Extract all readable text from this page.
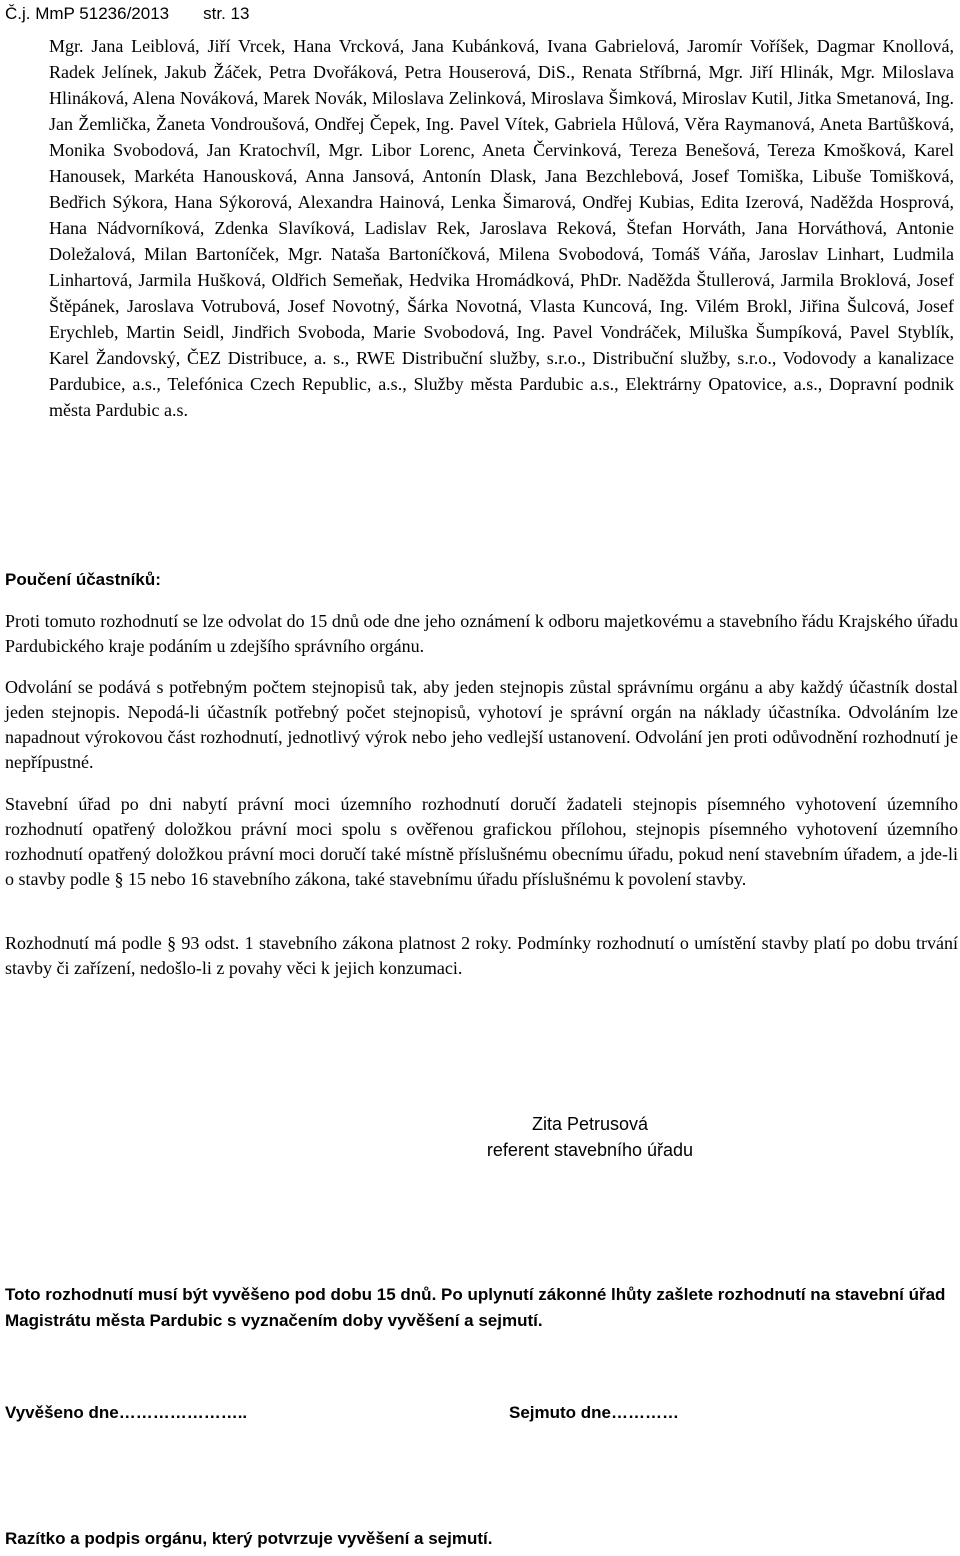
Č.j. MmP 51236/2013 str. 13
Mgr. Jana Leiblová, Jiří Vrcek, Hana Vrcková, Jana Kubánková, Ivana Gabrielová, Jaromír Voříšek, Dagmar Knollová, Radek Jelínek, Jakub Žáček, Petra Dvořáková, Petra Houserová, DiS., Renata Stříbrná, Mgr. Jiří Hlinák, Mgr. Miloslava Hlináková, Alena Nováková, Marek Novák, Miloslava Zelinková, Miroslava Šimková, Miroslav Kutil, Jitka Smetanová, Ing. Jan Žemlička, Žaneta Vondroušová, Ondřej Čepek, Ing. Pavel Vítek, Gabriela Hůlová, Věra Raymanová, Aneta Bartůšková, Monika Svobodová, Jan Kratochvíl, Mgr. Libor Lorenc, Aneta Červinková, Tereza Benešová, Tereza Kmošková, Karel Hanousek, Markéta Hanousková, Anna Jansová, Antonín Dlask, Jana Bezchlebová, Josef Tomiška, Libuše Tomišková, Bedřich Sýkora, Hana Sýkorová, Alexandra Hainová, Lenka Šimarová, Ondřej Kubias, Edita Izerová, Naděžda Hosprová, Hana Nádvorníková, Zdenka Slavíková, Ladislav Rek, Jaroslava Reková, Štefan Horváth, Jana Horváthová, Antonie Doležalová, Milan Bartoníček, Mgr. Nataša Bartoníčková, Milena Svobodová, Tomáš Váňa, Jaroslav Linhart, Ludmila Linhartová, Jarmila Hušková, Oldřich Semeňak, Hedvika Hromádková, PhDr. Naděžda Štullerová, Jarmila Broklová, Josef Štěpánek, Jaroslava Votrubová, Josef Novotný, Šárka Novotná, Vlasta Kuncová, Ing. Vilém Brokl, Jiřina Šulcová, Josef Erychleb, Martin Seidl, Jindřich Svoboda, Marie Svobodová, Ing. Pavel Vondráček, Miluška Šumpíková, Pavel Styblík, Karel Žandovský, ČEZ Distribuce, a. s., RWE Distribuční služby, s.r.o., Distribuční služby, s.r.o., Vodovody a kanalizace Pardubice, a.s., Telefónica Czech Republic, a.s., Služby města Pardubic a.s., Elektrárny Opatovice, a.s., Dopravní podnik města Pardubic a.s.
Poučení účastníků:
Proti tomuto rozhodnutí se lze odvolat do 15 dnů ode dne jeho oznámení k odboru majetkovému a stavebního řádu Krajského úřadu Pardubického kraje podáním u zdejšího správního orgánu.
Odvolání se podává s potřebným počtem stejnopisů tak, aby jeden stejnopis zůstal správnímu orgánu a aby každý účastník dostal jeden stejnopis. Nepodá-li účastník potřebný počet stejnopisů, vyhotoví je správní orgán na náklady účastníka. Odvoláním lze napadnout výrokovou část rozhodnutí, jednotlivý výrok nebo jeho vedlejší ustanovení. Odvolání jen proti odůvodnění rozhodnutí je nepřípustné.
Stavební úřad po dni nabytí právní moci územního rozhodnutí doručí žadateli stejnopis písemného vyhotovení územního rozhodnutí opatřený doložkou právní moci spolu s ověřenou grafickou přílohou, stejnopis písemného vyhotovení územního rozhodnutí opatřený doložkou právní moci doručí také místně příslušnému obecnímu úřadu, pokud není stavebním úřadem, a jde-li o stavby podle § 15 nebo 16 stavebního zákona, také stavebnímu úřadu příslušnému k povolení stavby.
Rozhodnutí má podle § 93 odst. 1 stavebního zákona platnost 2 roky. Podmínky rozhodnutí o umístění stavby platí po dobu trvání stavby či zařízení, nedošlo-li z povahy věci k jejich konzumaci.
Zita Petrusová
referent stavebního úřadu
Toto rozhodnutí musí být vyvěšeno pod dobu 15 dnů. Po uplynutí zákonné lhůty zašlete rozhodnutí na stavební úřad Magistrátu města Pardubic s vyznačením doby vyvěšení a sejmutí.
Vyvěšeno dne…………………..	Sejmuto dne…………
Razítko a podpis orgánu, který potvrzuje vyvěšení a sejmutí.
